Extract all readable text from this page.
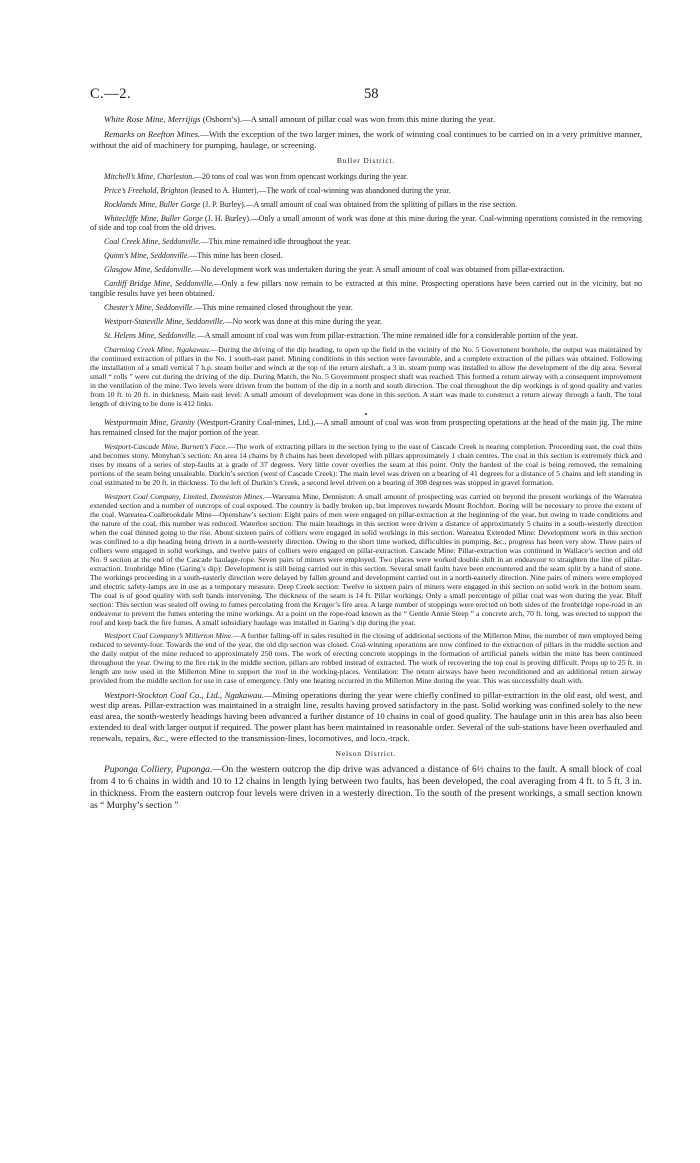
C.—2.	58

White Rose Mine, Merrijigs (Osborn’s).—A small amount of pillar coal was won from this mine during the year.

Remarks on Reefton Mines.—With the exception of the two larger mines, the work of winning coal continues to be carried on in a very primitive manner, without the aid of machinery for pumping, haulage, or screening.

Buller District.

Mitchell’s Mine, Charleston.—20 tons of coal was won from opencast workings during the year.

Price’s Freehold, Brighton (leased to A. Hunter).—The work of coal-winning was abandoned during the year.

Rocklands Mine, Buller Gorge (J. P. Burley).—A small amount of coal was obtained from the splitting of pillars in the rise section.

Whitecliffe Mine, Buller Gorge (J. H. Burley).—Only a small amount of work was done at this mine during the year. Coal-winning operations consisted in the removing of side and top coal from the old drives.

Coal Creek Mine, Seddonville.—This mine remained idle throughout the year.

Quinn’s Mine, Seddonville.—This mine has been closed.

Glasgow Mine, Seddonville.—No development work was undertaken during the year. A small amount of coal was obtained from pillar-extraction.

Cardiff Bridge Mine, Seddonville.—Only a few pillars now remain to be extracted at this mine. Prospecting operations have been carried out in the vicinity, but no tangible results have yet been obtained.

Chester’s Mine, Seddonville.—This mine remained closed throughout the year.

Westport-Stateville Mine, Seddonville.—No work was done at this mine during the year.

St. Helens Mine, Seddonville.—A small amount of coal was won from pillar-extraction. The mine remained idle for a considerable portion of the year.

Charming Creek Mine, Ngakawau.—During the driving of the dip heading, to open up the field in the vicinity of the No. 5 Government borehole, the output was maintained by the continued extraction of pillars in the No. 1 south-east panel. Mining conditions in this section were favourable, and a complete extraction of the pillars was obtained. Following the installation of a small vertical 7 h.p. steam boiler and winch at the top of the return airshaft, a 3 in. steam pump was installed to allow the development of the dip area. Several small “ rolls ” were cut during the driving of the dip. During March, the No. 5 Government prospect shaft was reached. This formed a return airway with a consequent improvement in the ventilation of the mine. Two levels were driven from the bottom of the dip in a north and south direction. The coal throughout the dip workings is of good quality and varies from 10 ft. to 20 ft. in thickness. Main east level: A small amount of development was done in this section. A start was made to construct a return airway through a fault. The total length of driving to be done is 412 links.

•

Westportmain Mine, Granity (Westport-Granity Coal-mines, Ltd.).—A small amount of coal was won from prospecting operations at the head of the main jig. The mine has remained closed for the major portion of the year.

Westport-Cascade Mine, Burnett’s Face.—The work of extracting pillars in the section lying to the east of Cascade Creek is nearing completion. Proceeding east, the coal thins and becomes stony. Monyhan’s section: An area 14 chains by 8 chains has been developed with pillars approximately 1 chain centres. The coal in this section is extremely thick and rises by means of a series of step-faults at a grade of 37 degrees. Very little cover overlies the seam at this point. Only the hardest of the coal is being removed, the remaining portions of the seam being unsaleable. Durkin’s section (west of Cascade Creek): The main level was driven on a bearing of 41 degrees for a distance of 5 chains and left standing in coal estimated to be 20 ft. in thickness. To the left of Durkin’s Creek, a second level driven on a bearing of 308 degrees was stopped in gravel formation.

Westport Coal Company, Limited, Denniston Mines.—Wareatea Mine, Denniston: A small amount of prospecting was carried on beyond the present workings of the Wareatea extended section and a number of outcrops of coal exposed. The country is badly broken up, but improves towards Mount Rochfort. Boring will be necessary to prove the extent of the coal. Wareatea-Coalbrookdale Mine—Openshaw’s section: Eight pairs of men were engaged on pillar-extraction at the beginning of the year, but owing to trade conditions and the nature of the coal, this number was reduced. Waterloo section: The main headings in this section were driven a distance of approximately 5 chains in a south-westerly direction when the coal thinned going to the rise. About sixteen pairs of colliers were engaged in solid workings in this section. Wareatea Extended Mine: Development work in this section was confined to a dip heading being driven in a north-westerly direction. Owing to the short time worked, difficulties in pumping, &c., progress has been very slow. Three pairs of colliers were engaged in solid workings, and twelve pairs of colliers were engaged on pillar-extraction. Cascade Mine: Pillar-extraction was continued in Wallace’s section and old No. 9 section at the end of the Cascade haulage-rope. Seven pairs of miners were employed. Two places were worked double shift in an endeavour to straighten the line of pillar-extraction. Ironbridge Mine (Garing’s dip): Development is still being carried out in this section. Several small faults have been encountered and the seam split by a band of stone. The workings proceeding in a south-easterly direction were delayed by fallen ground and development carried out in a north-easterly direction. Nine pairs of miners were employed and electric safety-lamps are in use as a temporary measure. Deep Creek section: Twelve to sixteen pairs of miners were engaged in this section on solid work in the bottom seam. The coal is of good quality with soft bands intervening. The thickness of the seam is 14 ft. Pillar workings: Only a small percentage of pillar coal was won during the year. Bluff section: This section was sealed off owing to fumes percolating from the Kruger’s fire area. A large number of stoppings were erected on both sides of the Ironbridge rope-road in an endeavour to prevent the fumes entering the mine workings. At a point on the rope-road known as the “ Gentle Annie Steep ” a concrete arch, 70 ft. long, was erected to support the roof and keep back the fire fumes. A small subsidiary haulage was installed in Garing’s dip during the year.

Westport Coal Company’s Millerton Mine.—A further falling-off in sales resulted in the closing of additional sections of the Millerton Mine, the number of men employed being reduced to seventy-four. Towards the end of the year, the old dip section was closed. Coal-winning operations are now confined to the extraction of pillars in the middle section and the daily output of the mine reduced to approximately 250 tons. The work of erecting concrete stoppings in the formation of artificial panels within the mine has been continued throughout the year. Owing to the fire risk in the middle section, pillars are robbed instead of extracted. The work of recovering the top coal is proving difficult. Props up to 25 ft. in length are now used in the Millerton Mine to support the roof in the working-places. Ventilation: The return airways have been reconditioned and an additional return airway provided from the middle section for use in case of emergency. Only one heating occurred in the Millerton Mine during the year. This was successfully dealt with.

Westport-Stockton Coal Co., Ltd., Ngakawau.—Mining operations during the year were chiefly confined to pillar-extraction in the old east, old west, and west dip areas. Pillar-extraction was maintained in a straight line, results having proved satisfactory in the past. Solid working was confined solely to the new east area, the south-westerly headings having been advanced a further distance of 10 chains in coal of good quality. The haulage unit in this area has also been extended to deal with larger output if required. The power plant has been maintained in reasonable order. Several of the sub-stations have been overhauled and renewals, repairs, &c., were effected to the transmission-lines, locomotives, and loco.-track.

Nelson District.

Puponga Colliery, Puponga.—On the western outcrop the dip drive was advanced a distance of 6½ chains to the fault. A small block of coal from 4 to 6 chains in width and 10 to 12 chains in length lying between two faults, has been developed, the coal averaging from 4 ft. to 5 ft. 3 in. in thickness. From the eastern outcrop four levels were driven in a westerly direction. To the south of the present workings, a small section known as “ Murphy’s section ”
